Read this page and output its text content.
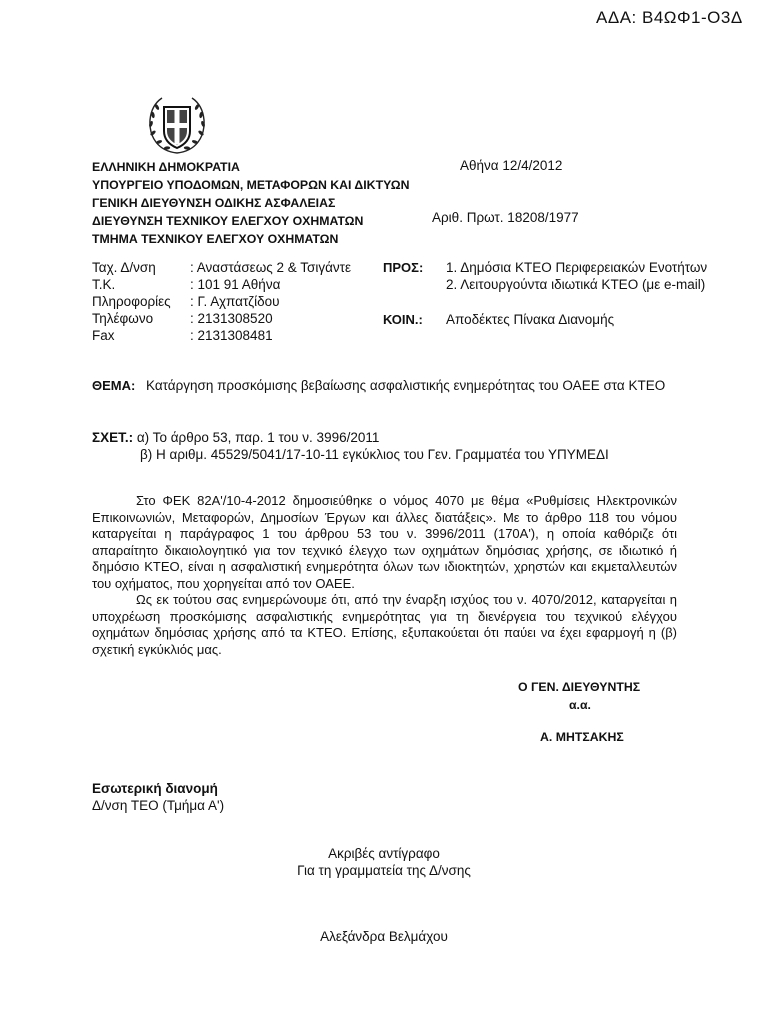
ΑΔΑ: Β4ΩΦ1-Ο3Δ
ΕΛΛΗΝΙΚΗ ΔΗΜΟΚΡΑΤΙΑ
ΥΠΟΥΡΓΕΙΟ ΥΠΟΔΟΜΩΝ, ΜΕΤΑΦΟΡΩΝ ΚΑΙ ΔΙΚΤΥΩΝ
ΓΕΝΙΚΗ ΔΙΕΥΘΥΝΣΗ ΟΔΙΚΗΣ ΑΣΦΑΛΕΙΑΣ
ΔΙΕΥΘΥΝΣΗ ΤΕΧΝΙΚΟΥ ΕΛΕΓΧΟΥ ΟΧΗΜΑΤΩΝ
ΤΜΗΜΑ ΤΕΧΝΙΚΟΥ ΕΛΕΓΧΟΥ ΟΧΗΜΑΤΩΝ
Αθήνα 12/4/2012
Αριθ. Πρωτ. 18208/1977
Ταχ. Δ/νση	: Αναστάσεως 2 & Τσιγάντε
Τ.Κ.	: 101 91 Αθήνα
Πληροφορίες	: Γ. Αχπατζίδου
Τηλέφωνο	: 2131308520
Fax	: 2131308481
ΠΡΟΣ: 1. Δημόσια ΚΤΕΟ Περιφερειακών Ενοτήτων
2. Λειτουργούντα ιδιωτικά ΚΤΕΟ (με e-mail)
ΚΟΙΝ.: Αποδέκτες Πίνακα Διανομής
ΘΕΜΑ: Κατάργηση προσκόμισης βεβαίωσης ασφαλιστικής ενημερότητας του ΟΑΕΕ στα ΚΤΕΟ
ΣΧΕΤ.: α) Το άρθρο 53, παρ. 1 του ν. 3996/2011
β) Η αριθμ. 45529/5041/17-10-11 εγκύκλιος του Γεν. Γραμματέα του ΥΠΥΜΕΔΙ

Στο ΦΕΚ 82Α'/10-4-2012 δημοσιεύθηκε ο νόμος 4070 με θέμα «Ρυθμίσεις Ηλεκτρονικών Επικοινωνιών, Μεταφορών, Δημοσίων Έργων και άλλες διατάξεις». Με το άρθρο 118 του νόμου καταργείται η παράγραφος 1 του άρθρου 53 του ν. 3996/2011 (170Α'), η οποία καθόριζε ότι απαραίτητο δικαιολογητικό για τον τεχνικό έλεγχο των οχημάτων δημόσιας χρήσης, σε ιδιωτικό ή δημόσιο ΚΤΕΟ, είναι η ασφαλιστική ενημερότητα όλων των ιδιοκτητών, χρηστών και εκμεταλλευτών του οχήματος, που χορηγείται από τον ΟΑΕΕ.

Ως εκ τούτου σας ενημερώνουμε ότι, από την έναρξη ισχύος του ν. 4070/2012, καταργείται η υποχρέωση προσκόμισης ασφαλιστικής ενημερότητας για τη διενέργεια του τεχνικού ελέγχου οχημάτων δημόσιας χρήσης από τα ΚΤΕΟ. Επίσης, εξυπακούεται ότι παύει να έχει εφαρμογή η (β) σχετική εγκύκλιός μας.

Ο ΓΕΝ. ΔΙΕΥΘΥΝΤΗΣ
α.α.
Α. ΜΗΤΣΑΚΗΣ
Εσωτερική διανομή
Δ/νση ΤΕΟ (Τμήμα Α')
Ακριβές αντίγραφο
Για τη γραμματεία της Δ/νσης
Αλεξάνδρα Βελμάχου
